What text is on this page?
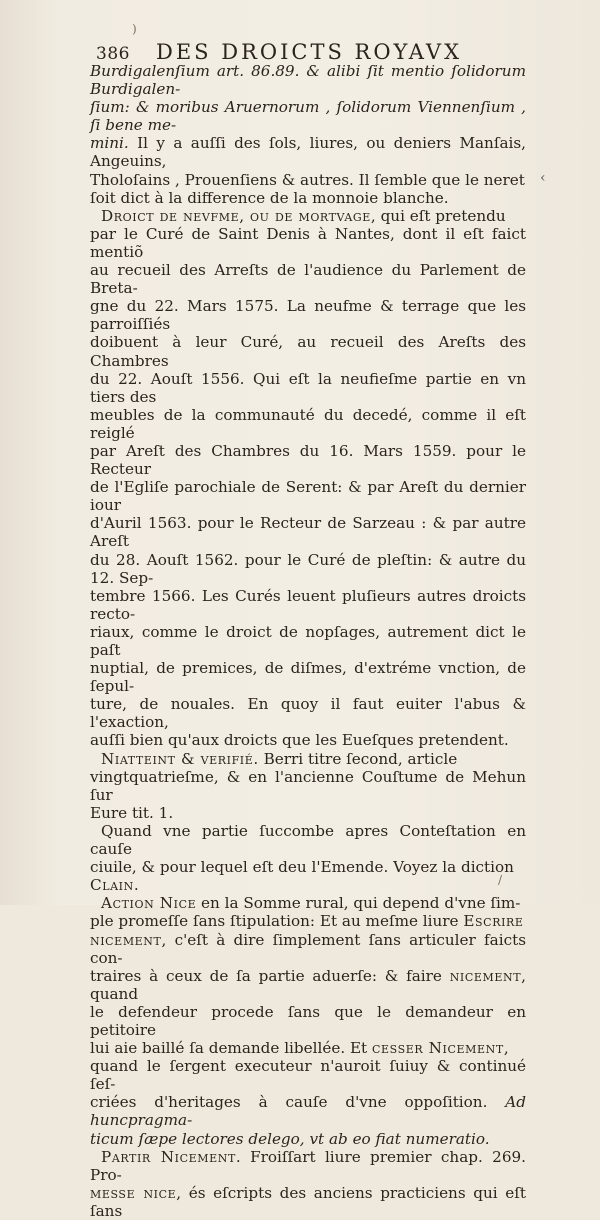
)
386	DES DROICTS ROYAVX
‹

Burdigalenſium art. 86.89. & alibi ſit mentio ſolidorum Burdigalen-

ſium: & moribus Aruernorum , ſolidorum Viennenſium , ſi bene me-

mini. Il y a auſſi des ſols, liures, ou deniers Manſais, Angeuins,

Tholoſains , Prouenſiens & autres. Il ſemble que le neret

ſoit dict à la difference de la monnoie blanche.

Droict de nevfme, ou de mortvage, qui eſt pretendu

par le Curé de Saint Denis à Nantes, dont il eſt faict mentiõ

au recueil des Arreſts de l'audience du Parlement de Breta-

gne du 22. Mars 1575. La neufme & terrage que les parroiſſiés

doibuent à leur Curé, au recueil des Areſts des Chambres

du 22. Aouſt 1556. Qui eſt la neufieſme partie en vn tiers des

meubles de la communauté du decedé, comme il eſt reiglé

par Areſt des Chambres du 16. Mars 1559. pour le Recteur

de l'Egliſe parochiale de Serent: & par Areſt du dernier iour

d'Auril 1563. pour le Recteur de Sarzeau : & par autre Areſt

du 28. Aouſt 1562. pour le Curé de pleſtin: & autre du 12. Sep-

tembre 1566. Les Curés leuent pluſieurs autres droicts recto-

riaux, comme le droict de nopſages, autrement dict le paſt

nuptial, de premices, de diſmes, d'extréme vnction, de ſepul-

ture, de nouales. En quoy il faut euiter l'abus & l'exaction,

auſſi bien qu'aux droicts que les Eueſques pretendent.

Niatteint & verifié. Berri titre ſecond, article

vingtquatrieſme, & en l'ancienne Couſtume de Mehun ſur

Eure tit. 1.

Quand vne partie ſuccombe apres Conteſtation en cauſe

ciuile, & pour lequel eſt deu l'Emende. Voyez la diction

Clain.

Action Nice en la Somme rural, qui depend d'vne ſim-

ple promeſſe ſans ſtipulation: Et au meſme liure Escrire

nicement, c'eſt à dire ſimplement ſans articuler faicts con-

traires à ceux de ſa partie aduerſe: & faire nicement, quand

le defendeur procede ſans que le demandeur en petitoire

lui aie baillé ſa demande libellée. Et cesser Nicement,

quand le ſergent executeur n'auroit ſuiuy & continué ſeſ-

criées d'heritages à cauſe d'vne oppoſition. Ad huncpragma-

ticum ſæpe lectores delego, vt ab eo fiat numeratio.

Partir Nicement. Froiſſart liure premier chap. 269. Pro-

meſſe nice, és eſcripts des anciens practiciens qui eſt ſans

/
